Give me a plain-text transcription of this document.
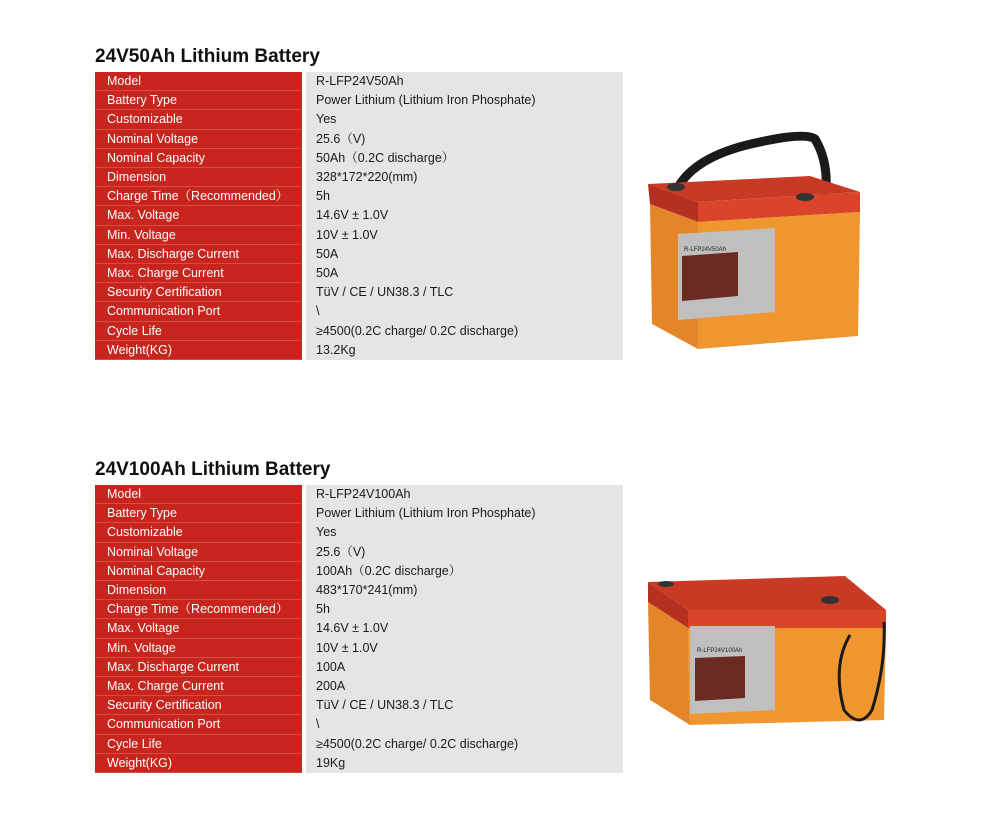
24V50Ah Lithium Battery
Model	R-LFP24V50Ah
Battery Type	Power Lithium (Lithium Iron Phosphate)
Customizable	Yes
Nominal Voltage	25.6（V)
Nominal Capacity	50Ah（0.2C discharge）
Dimension	328*172*220(mm)
Charge Time（Recommended）	5h
Max. Voltage	14.6V ± 1.0V
Min. Voltage	10V ± 1.0V
Max. Discharge Current	50A
Max. Charge Current	50A
Security Certification	TüV / CE / UN38.3 / TLC
Communication Port	\
Cycle Life	≥4500(0.2C charge/ 0.2C discharge)
Weight(KG)	13.2Kg
R-LFP24V50Ah
24V100Ah Lithium Battery
Model	R-LFP24V100Ah
Battery Type	Power Lithium (Lithium Iron Phosphate)
Customizable	Yes
Nominal Voltage	25.6（V)
Nominal Capacity	100Ah（0.2C discharge）
Dimension	483*170*241(mm)
Charge Time（Recommended）	5h
Max. Voltage	14.6V ± 1.0V
Min. Voltage	10V ± 1.0V
Max. Discharge Current	100A
Max. Charge Current	200A
Security Certification	TüV / CE / UN38.3 / TLC
Communication Port	\
Cycle Life	≥4500(0.2C charge/ 0.2C discharge)
Weight(KG)	19Kg
R-LFP24V100Ah
